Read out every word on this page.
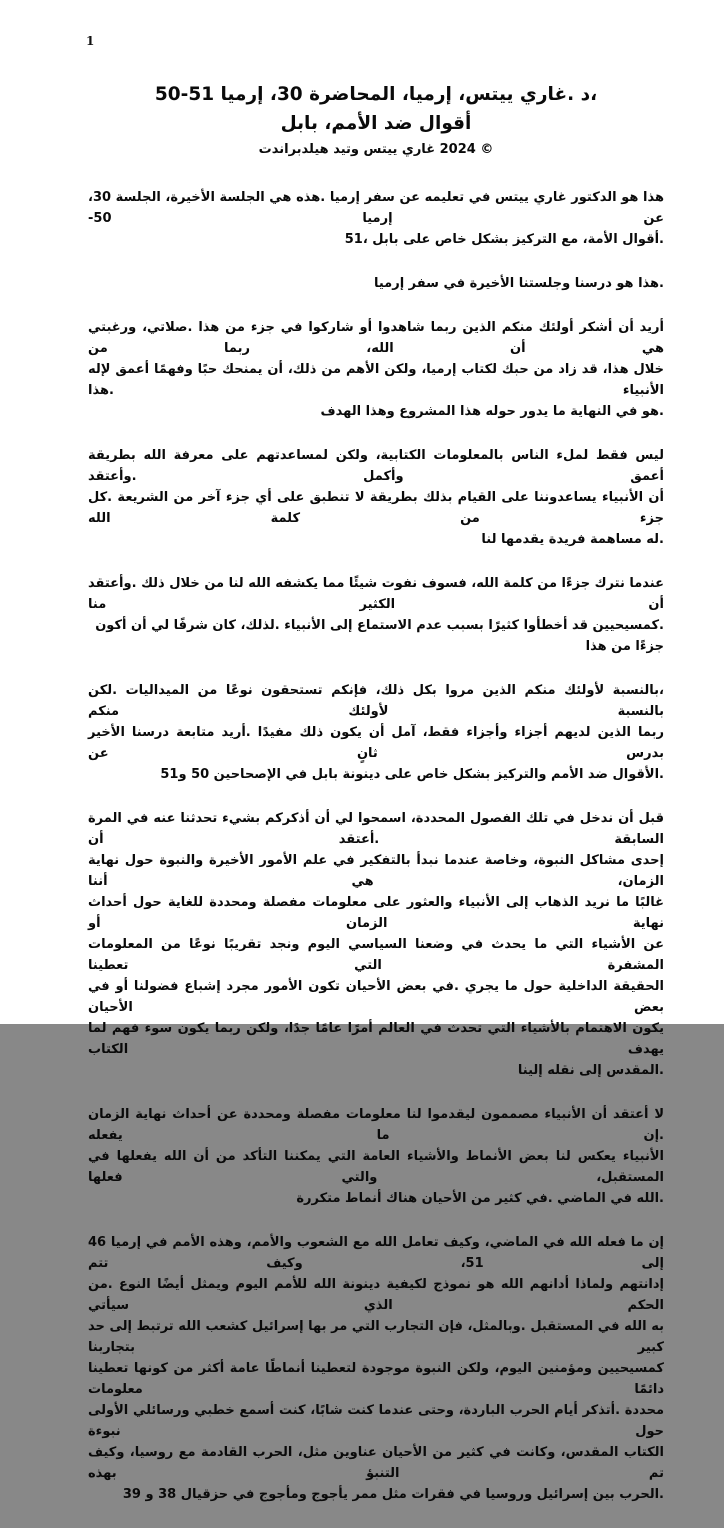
1
،د .غاري ييتس، إرميا، المحاضرة 30، إرميا 51-50
أقوال ضد الأمم، بابل
© 2024 غاري ييتس وتيد هيلدبراندت
هذا هو الدكتور غاري ييتس في تعليمه عن سفر إرميا .هذه هي الجلسة الأخيرة، الجلسة 30، عن إرميا 50-
.أقوال الأمة، مع التركيز بشكل خاص على بابل ،51
.هذا هو درسنا وجلستنا الأخيرة في سفر إرميا
أريد أن أشكر أولئك منكم الذين ربما شاهدوا أو شاركوا في جزء من هذا .صلاتي، ورغبتي هي أن الله، ربما من
خلال هذا، قد زاد من حبك لكتاب إرميا، ولكن الأهم من ذلك، أن يمنحك حبًا وفهمًا أعمق لإله الأنبياء .هذا
.هو في النهاية ما يدور حوله هذا المشروع وهذا الهدف
ليس فقط لملء الناس بالمعلومات الكتابية، ولكن لمساعدتهم على معرفة الله بطريقة أعمق وأكمل .وأعتقد
أن الأنبياء يساعدوننا على القيام بذلك بطريقة لا تنطبق على أي جزء آخر من الشريعة .كل جزء من كلمة الله
.له مساهمة فريدة يقدمها لنا
عندما نترك جزءًا من كلمة الله، فسوف نفوت شيئًا مما يكشفه الله لنا من خلال ذلك .وأعتقد أن الكثير منا
.كمسيحيين قد أخطأوا كثيرًا بسبب عدم الاستماع إلى الأنبياء .لذلك، كان شرفًا لي أن أكون جزءًا من هذا
،بالنسبة لأولئك منكم الذين مروا بكل ذلك، فإنكم تستحقون نوعًا من الميداليات .لكن بالنسبة لأولئك منكم
ربما الذين لديهم أجزاء وأجزاء فقط، آمل أن يكون ذلك مفيدًا .أريد متابعة درسنا الأخير بدرس ثانٍ عن
.الأقوال ضد الأمم والتركيز بشكل خاص على دينونة بابل في الإصحاحين 50 و51
قبل أن ندخل في تلك الفصول المحددة، اسمحوا لي أن أذكركم بشيء تحدثنا عنه في المرة السابقة .أعتقد أن
إحدى مشاكل النبوة، وخاصة عندما نبدأ بالتفكير في علم الأمور الأخيرة والنبوة حول نهاية الزمان، هي أننا
غالبًا ما نريد الذهاب إلى الأنبياء والعثور على معلومات مفصلة ومحددة للغاية حول أحداث نهاية الزمان أو
عن الأشياء التي ما يحدث في وضعنا السياسي اليوم ونجد تقريبًا نوعًا من المعلومات المشفرة التي تعطينا
الحقيقة الداخلية حول ما يجري .في بعض الأحيان تكون الأمور مجرد إشباع فضولنا أو في بعض الأحيان
يكون الاهتمام بالأشياء التي تحدث في العالم أمرًا عامًا جدًا، ولكن ربما يكون سوء فهم لما يهدف الكتاب
.المقدس إلى نقله إلينا
لا أعتقد أن الأنبياء مصممون ليقدموا لنا معلومات مفصلة ومحددة عن أحداث نهاية الزمان .إن ما يفعله
الأنبياء يعكس لنا بعض الأنماط والأشياء العامة التي يمكننا التأكد من أن الله يفعلها في المستقبل، والتي فعلها
.الله في الماضي .في كثير من الأحيان هناك أنماط متكررة
إن ما فعله الله في الماضي، وكيف تعامل الله مع الشعوب والأمم، وهذه الأمم في إرميا 46 إلى 51، وكيف تتم
إدانتهم ولماذا أدانهم الله هو نموذج لكيفية دينونة الله للأمم اليوم ويمثل أيضًا النوع .من الحكم الذي سيأتي
به الله في المستقبل .وبالمثل، فإن التجارب التي مر بها إسرائيل كشعب الله ترتبط إلى حد كبير بتجاربنا
كمسيحيين ومؤمنين اليوم، ولكن النبوة موجودة لتعطينا أنماطًا عامة أكثر من كونها تعطينا دائمًا معلومات
محددة .أتذكر أيام الحرب الباردة، وحتى عندما كنت شابًا، كنت أسمع خطبي ورسائلي الأولى حول نبوءة
الكتاب المقدس، وكانت في كثير من الأحيان عناوين مثل، الحرب القادمة مع روسيا، وكيف تم التنبؤ بهذه
.الحرب بين إسرائيل وروسيا في فقرات مثل ممر يأجوج ومأجوج في حزقيال 38 و 39
